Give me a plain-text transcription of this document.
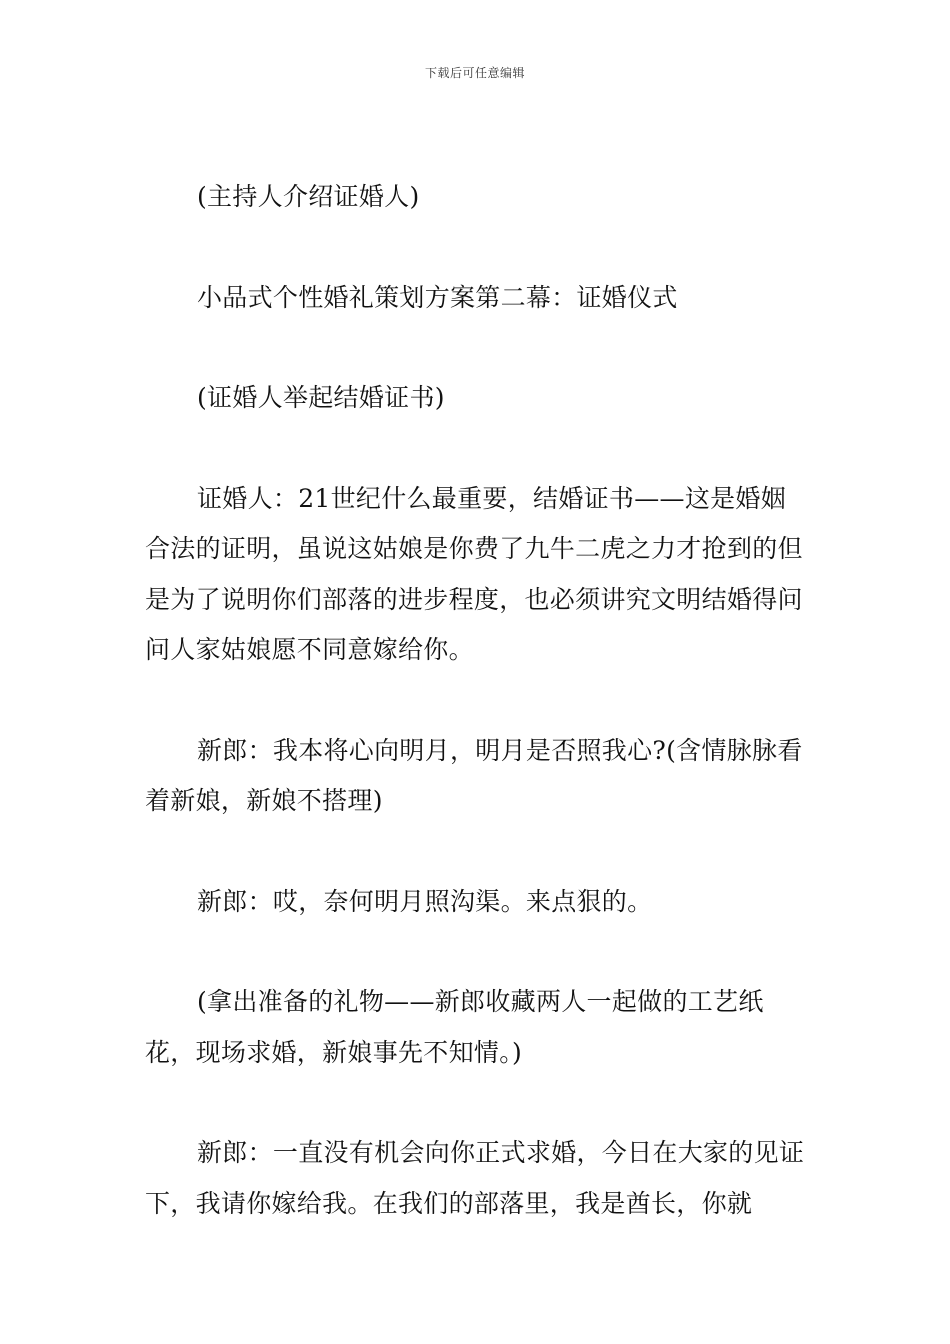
下载后可任意编辑

(主持人介绍证婚人)

小品式个性婚礼策划方案第二幕：证婚仪式

(证婚人举起结婚证书)

证婚人：21世纪什么最重要，结婚证书——这是婚姻合法的证明，虽说这姑娘是你费了九牛二虎之力才抢到的但是为了说明你们部落的进步程度，也必须讲究文明结婚得问问人家姑娘愿不同意嫁给你。

新郎：我本将心向明月，明月是否照我心?(含情脉脉看着新娘，新娘不搭理)

新郎：哎，奈何明月照沟渠。来点狠的。

(拿出准备的礼物——新郎收藏两人一起做的工艺纸花，现场求婚，新娘事先不知情。)

新郎：一直没有机会向你正式求婚，今日在大家的见证下，我请你嫁给我。在我们的部落里，我是酋长，你就
